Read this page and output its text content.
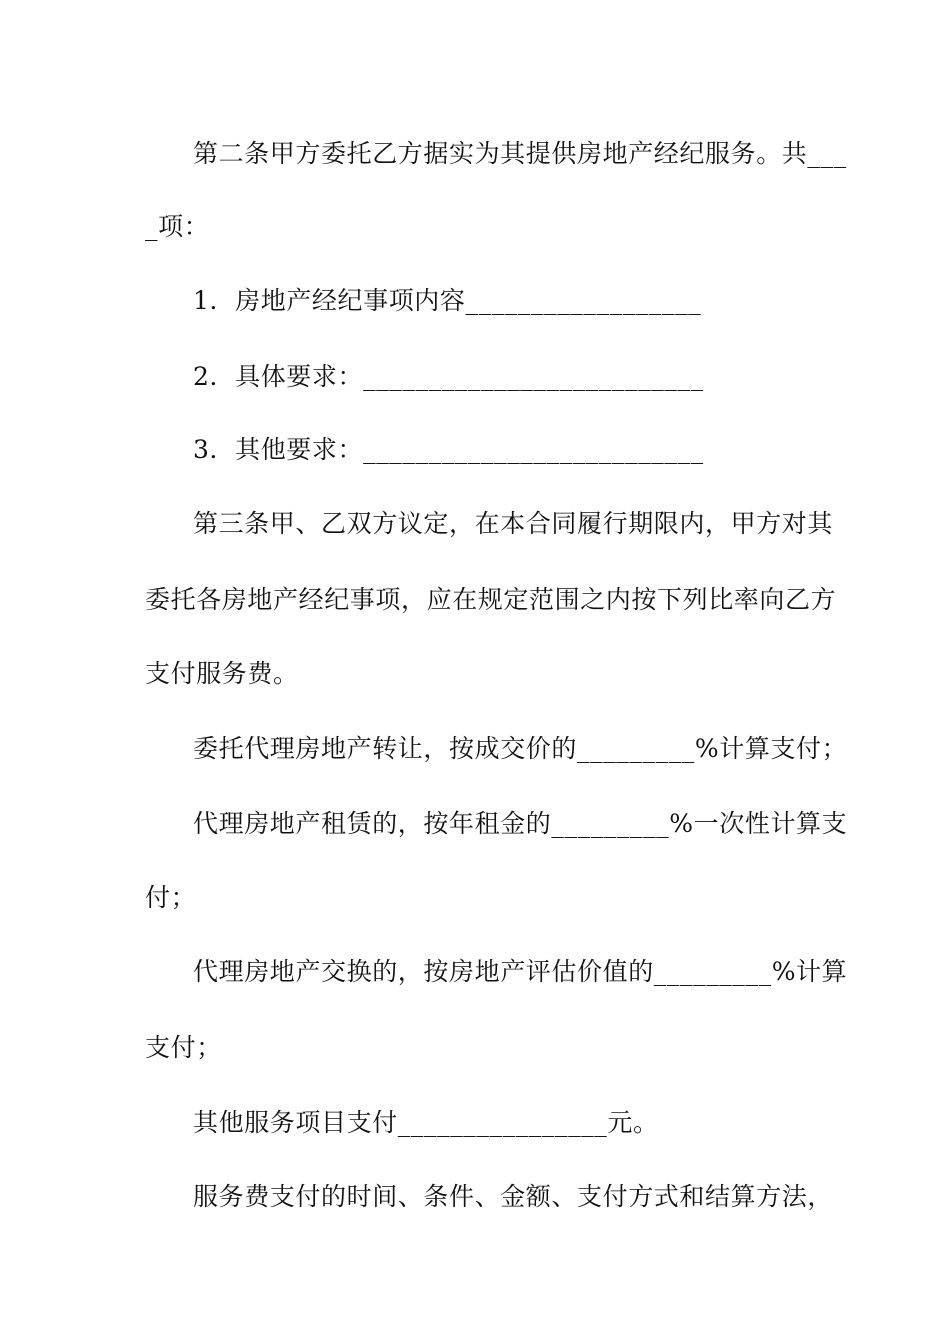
第二条甲方委托乙方据实为其提供房地产经纪服务。共___
_项：
1．房地产经纪事项内容__________________
2．具体要求：__________________________
3．其他要求：__________________________
第三条甲、乙双方议定，在本合同履行期限内，甲方对其
委托各房地产经纪事项，应在规定范围之内按下列比率向乙方
支付服务费。
委托代理房地产转让，按成交价的_________%计算支付；
代理房地产租赁的，按年租金的_________%一次性计算支
付；
代理房地产交换的，按房地产评估价值的_________%计算
支付；
其他服务项目支付________________元。
服务费支付的时间、条件、金额、支付方式和结算方法，
